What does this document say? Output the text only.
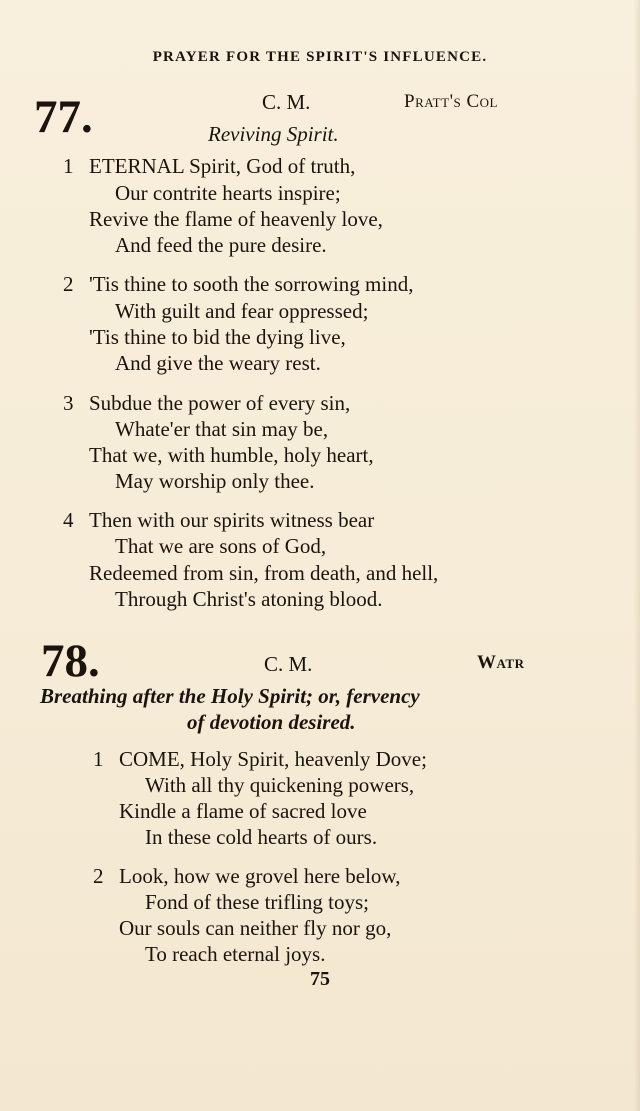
PRAYER FOR THE SPIRIT'S INFLUENCE.
77.	C. M.	Pratt's Col
Reviving Spirit.
1 ETERNAL Spirit, God of truth,
Our contrite hearts inspire;
Revive the flame of heavenly love,
And feed the pure desire.
2 'Tis thine to sooth the sorrowing mind,
With guilt and fear oppressed;
'Tis thine to bid the dying live,
And give the weary rest.
3 Subdue the power of every sin,
Whate'er that sin may be,
That we, with humble, holy heart,
May worship only thee.
4 Then with our spirits witness bear
That we are sons of God,
Redeemed from sin, from death, and hell,
Through Christ's atoning blood.
78.	C. M.	Watr
Breathing after the Holy Spirit; or, fervency
of devotion desired.
1 COME, Holy Spirit, heavenly Dove;
With all thy quickening powers,
Kindle a flame of sacred love
In these cold hearts of ours.
2 Look, how we grovel here below,
Fond of these trifling toys;
Our souls can neither fly nor go,
To reach eternal joys.
75
